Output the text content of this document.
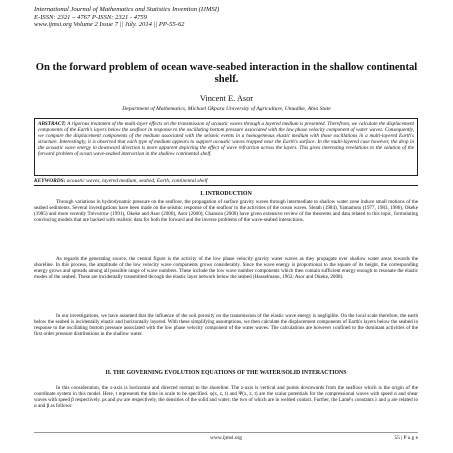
International Journal of Mathematics and Statistics Invention (IJMSI)
E-ISSN: 2321 – 4767 P-ISSN: 2321 - 4759
www.ijmsi.org Volume 2 Issue 7 || July. 2014 || PP-55-62
On the forward problem of ocean wave-seabed interaction in the shallow continental shelf.
Vincent E. Asor
Department of Mathematics, Michael Okpara University of Agriculture, Umudike, Abia State
ABSTRACT: A rigorous treatment of the multi-layer effects on the transmission of acoustic waves through a layered medium is presented. Therefrom, we calculate the displacement components of the Earth's layers below the seafloor in response to the oscillating bottom pressure associated with the low phase velocity component of water waves. Consequently, we compare the displacement components of the medium associated with the seismic events in a homogeneous elastic medium with those oscillations in a multi-layered Earth's structure. Interestingly, it is observed that each type of medium appears to support acoustic waves trapped near the Earth's surface. In the multi-layered case however, the drop in the acoustic wave energy in downward direction is more apparent depicting the effect of wave refraction across the layers. This gives interesting revelations to the solution of the forward problem of ocean wave-seabed interaction in the shallow continental shelf.
KEYWORDS: acoustic waves, layered medium, seabed, Earth, continental shelf
I. INTRODUCTION
Through variations in hydrodynamic pressure on the seafloor, the propagation of surface gravity waves through intermediate to shallow water zone induce small motions of the seabed sediments. Several investigations have been made on the seismic response of the seafloor to the activities of the ocean waves. Sleath (1984), Yamamoto (1977, 1983, 1986), Okeke (1985) and more recently Trevorrow (1991), Okeke and Asor (2000), Asor (2000), Chanson (2000) have given extensive review of the theorems and data related to this topic, formulating convincing models that are backed with realistic data for both the forward and the inverse problems of the wave-seabed interactions.
As regards the generating source, the central figure is the activity of the low phase velocity gravity water waves as they propagate over shallow water areas towards the shoreline. In this process, the amplitude of the low velocity wave components grows considerably. Since the wave energy is proportional to the square of its height, the corresponding energy grows and spreads among all possible range of wave numbers. These include the low wave number components which then contain sufficient energy enough to resonate the elastic modes of the seabed. These are incidentally transmitted through the elastic layer network below the seabed (Hasselmann, 1963; Asor and Okeke, 2008).
In our investigations, we have assumed that the influence of the soil porosity on the transmission of the elastic wave energy is negligible. On the local scale therefore, the earth below the seabed is incidentally elastic and horizontally layered. With these simplifying assumptions, we then calculate the displacement components of Earth's layers below the seabed in response to the oscillating bottom pressure associated with the low phase velocity component of the water waves. The calculations are however confined to the dominant activities of the first order pressure distributions in the shallow water.
II. THE GOVERNING EVOLUTION EQUATIONS OF THE WATER/SOLID INTERACTIONS
In this consideration, the x-axis is horizontal and directed normal to the shoreline. The z-axis is vertical and points downwards from the seafloor which is the origin of the coordinate system in this model. Here, t represents the time in scale to be specified. φ(x, z, t) and Ψ(x, z, t) are the scalar potentials for the compressional waves with speed α and shear waves with speed β respectively. ρs and ρw are respectively, the densities of the solid and water; the two of which are in welded contact. Further, the Lamé's constants λ and μ are related to α and β as follows:
www.ijmsi.org	55 | P a g e
